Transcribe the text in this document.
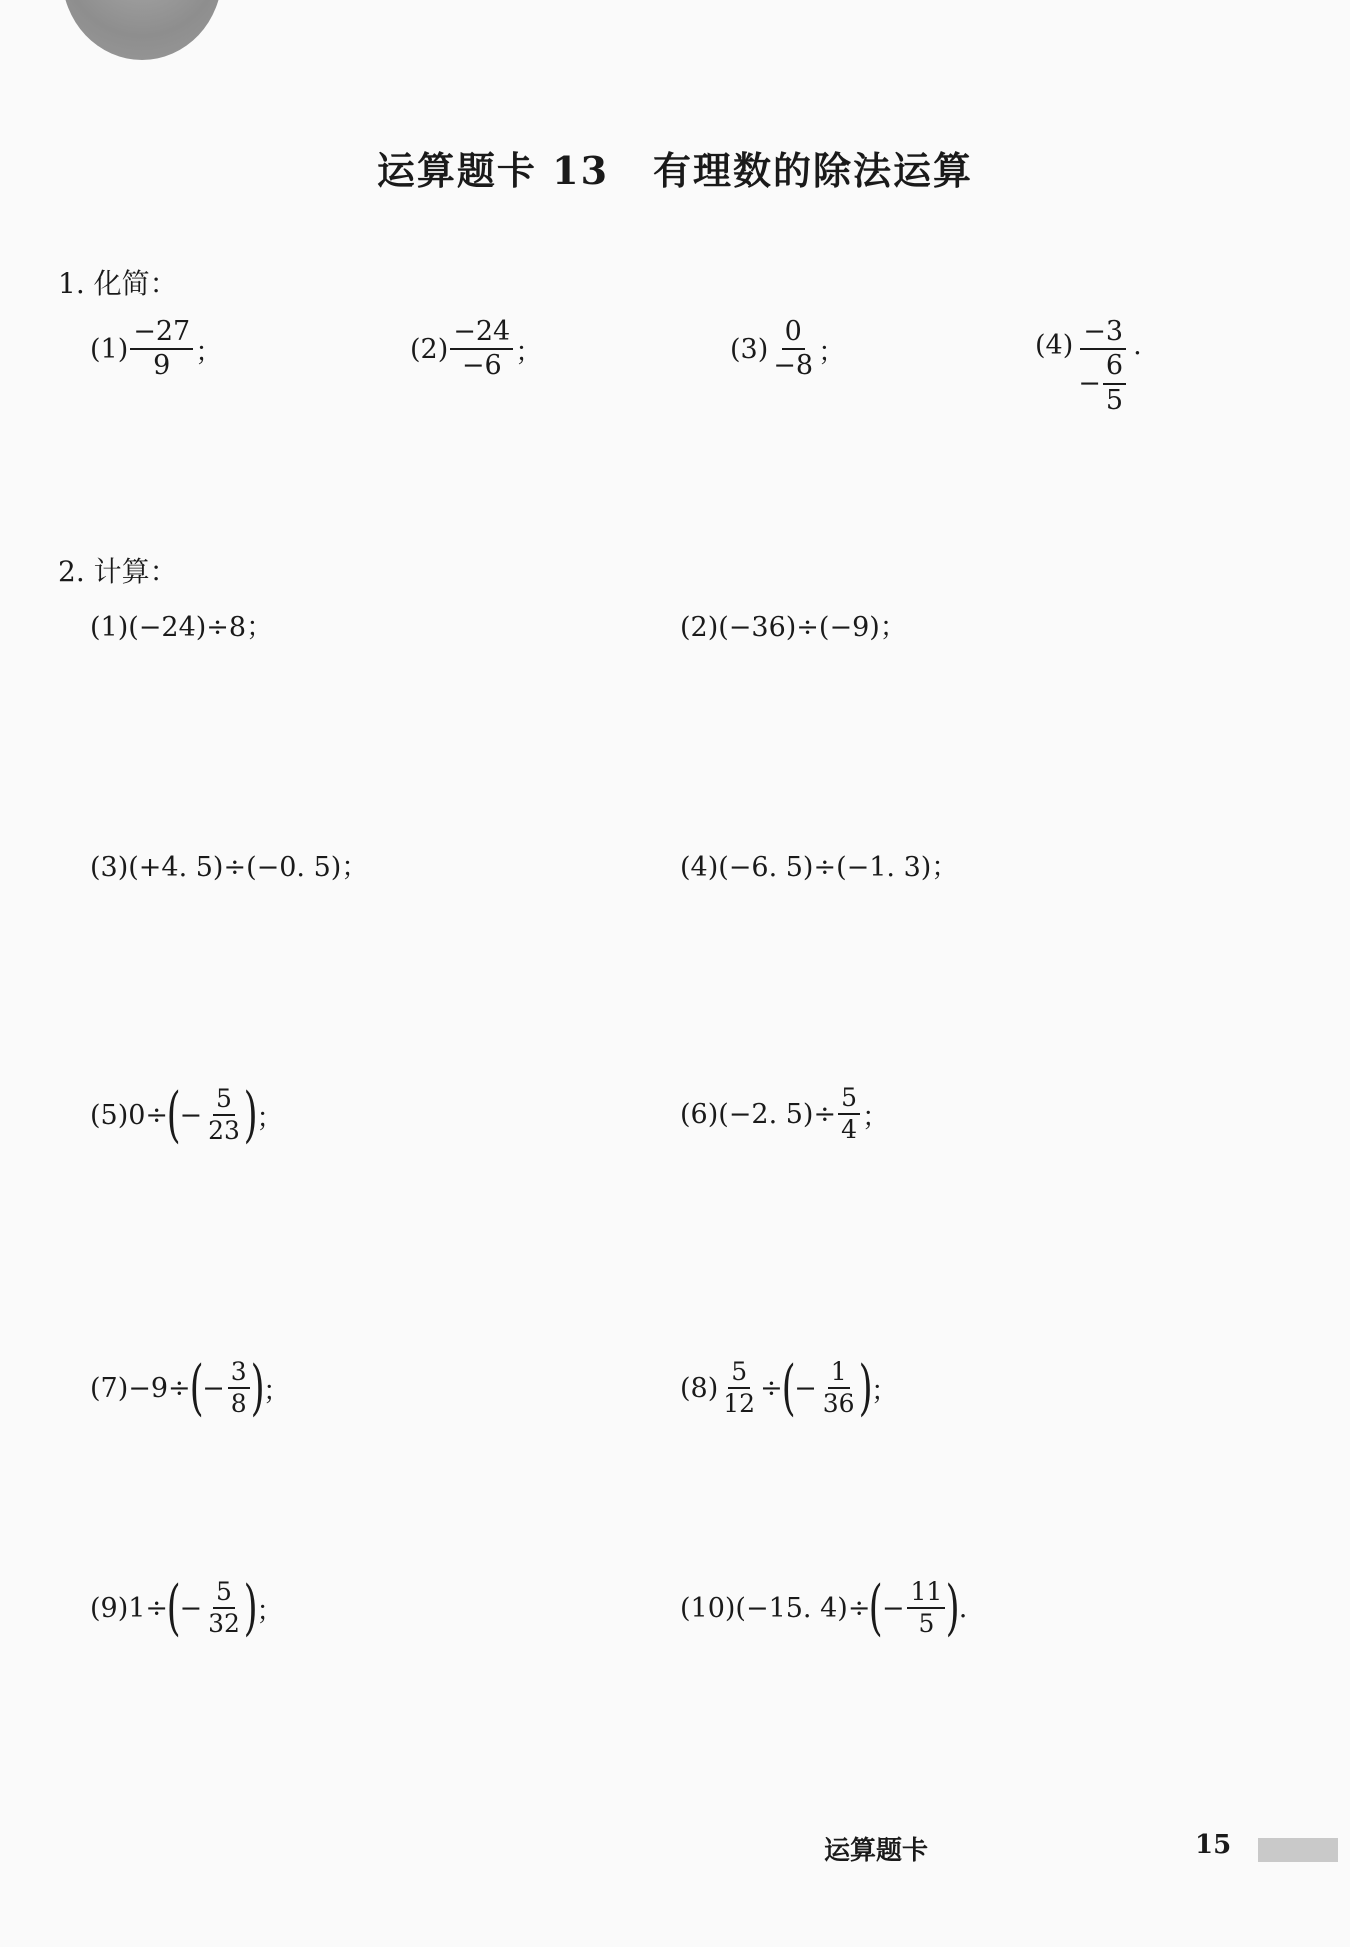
运算题卡 13 有理数的除法运算
1. 化简：
$(1) \frac{-27}{9}$ ；	$(2) \frac{-24}{-6}$ ；	$(3) \frac{0}{-8}$ ；	$(4) \frac{-3}{- \frac{6}{5}}$ .
2. 计算：
(1)(−24)÷8；	(2)(−36)÷(−9)；
(3)(+4. 5)÷(−0. 5)；	(4)(−6. 5)÷(−1. 3)；
(5)0÷
(
− $\frac{5}{23}$ )
；	(6)(−2. $5)\div \frac{5}{4}$ ；
(7)−9÷
(
− $\frac{3}{8}$ )
；	$(8) \frac{5}{12}$ ÷
(
− $\frac{1}{36}$ )
；
(9)1÷
(
− $\frac{5}{32}$ )
；	(10)(−15. 4)÷
(
− $\frac{11}{5}$ )
.
运算题卡	15
